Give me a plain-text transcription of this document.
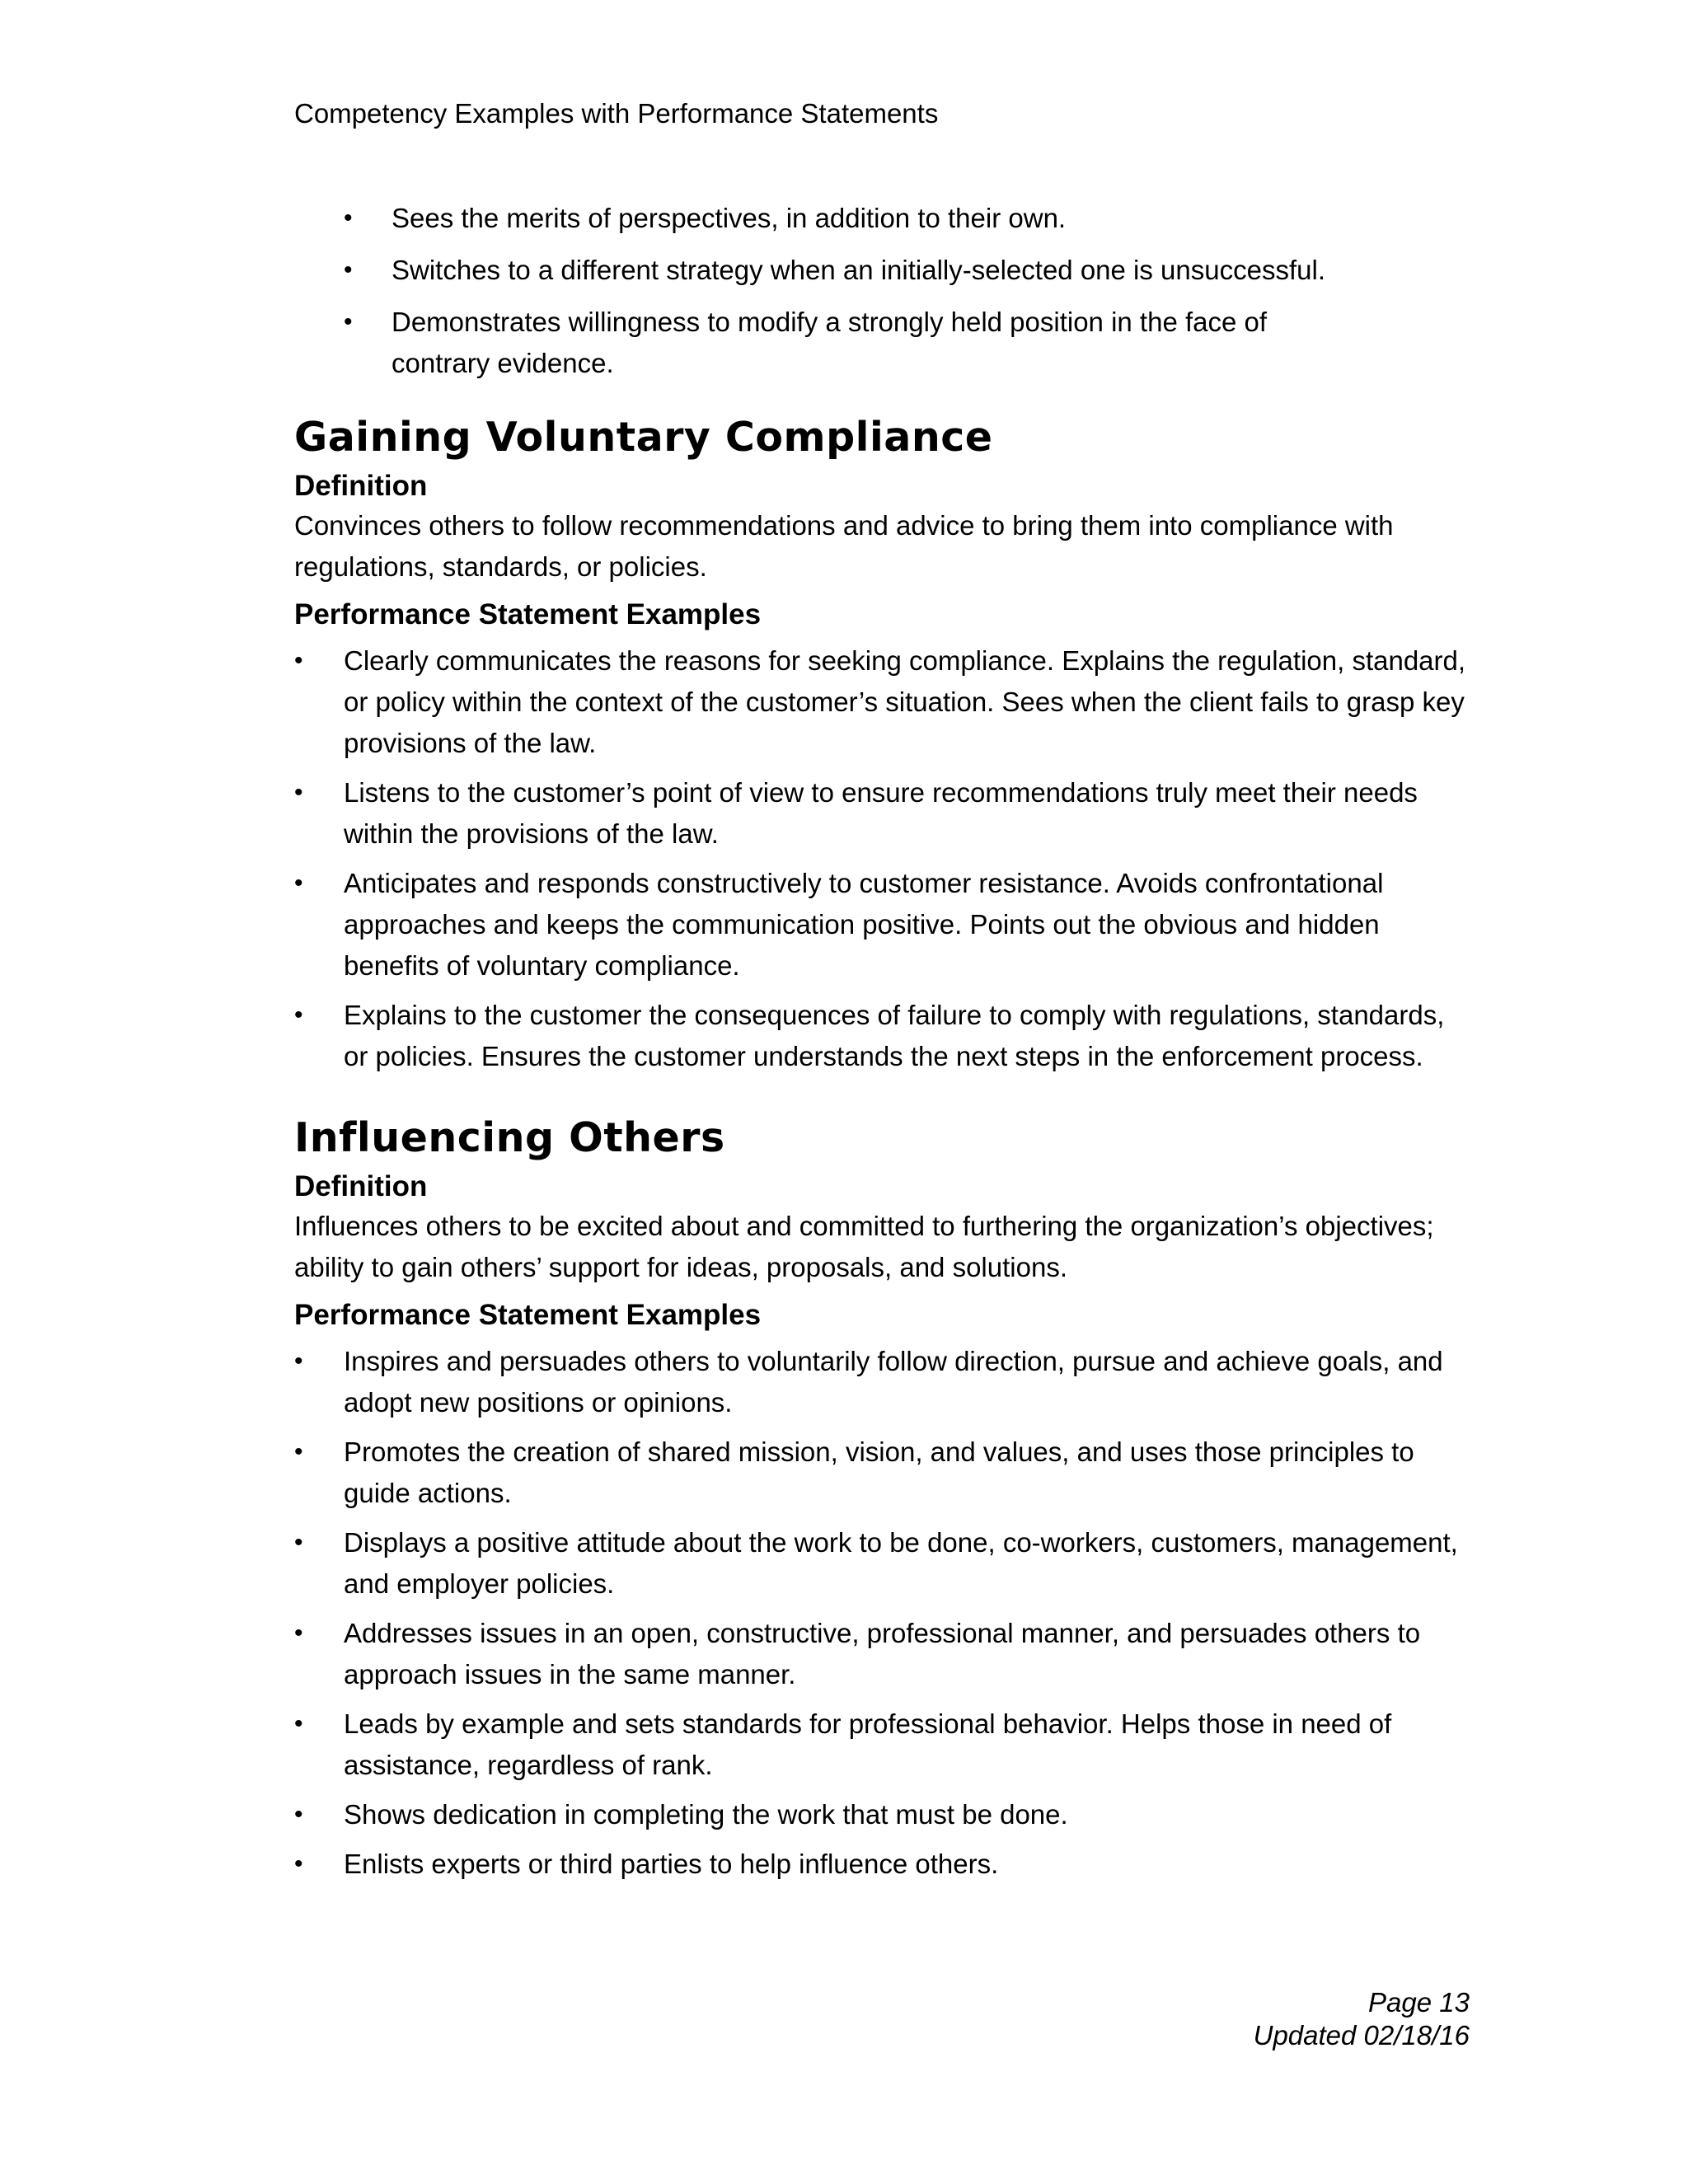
Competency Examples with Performance Statements
• Sees the merits of perspectives, in addition to their own.
• Switches to a different strategy when an initially-selected one is unsuccessful.
• Demonstrates willingness to modify a strongly held position in the face of contrary evidence.
Gaining Voluntary Compliance
Definition

Convinces others to follow recommendations and advice to bring them into compliance with regulations, standards, or policies.

Performance Statement Examples
• Clearly communicates the reasons for seeking compliance. Explains the regulation, standard, or policy within the context of the customer’s situation. Sees when the client fails to grasp key provisions of the law.
• Listens to the customer’s point of view to ensure recommendations truly meet their needs within the provisions of the law.
• Anticipates and responds constructively to customer resistance. Avoids confrontational approaches and keeps the communication positive. Points out the obvious and hidden benefits of voluntary compliance.
• Explains to the customer the consequences of failure to comply with regulations, standards, or policies. Ensures the customer understands the next steps in the enforcement process.
Influencing Others
Definition

Influences others to be excited about and committed to furthering the organization’s objectives; ability to gain others’ support for ideas, proposals, and solutions.

Performance Statement Examples
• Inspires and persuades others to voluntarily follow direction, pursue and achieve goals, and adopt new positions or opinions.
• Promotes the creation of shared mission, vision, and values, and uses those principles to guide actions.
• Displays a positive attitude about the work to be done, co-workers, customers, management, and employer policies.
• Addresses issues in an open, constructive, professional manner, and persuades others to approach issues in the same manner.
• Leads by example and sets standards for professional behavior. Helps those in need of assistance, regardless of rank.
• Shows dedication in completing the work that must be done.
• Enlists experts or third parties to help influence others.
Page 13
Updated 02/18/16
